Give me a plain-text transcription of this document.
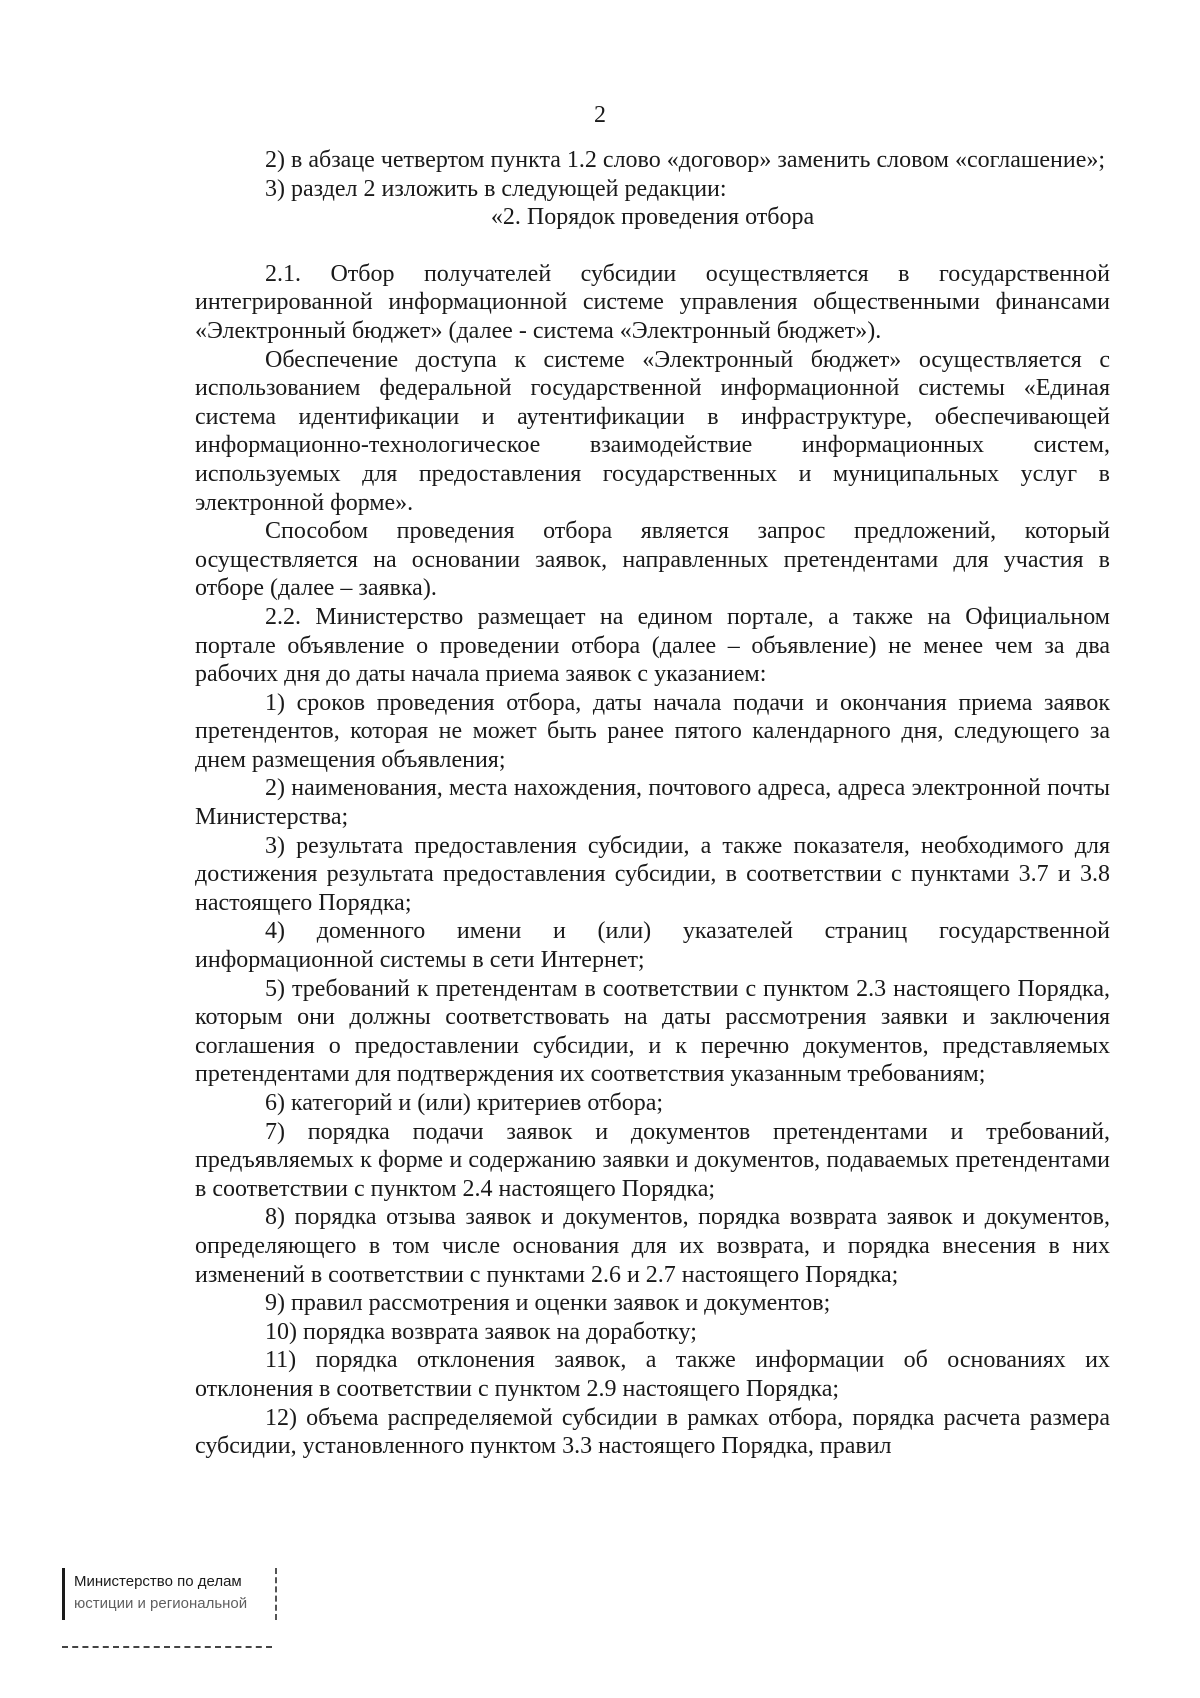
2

2) в абзаце четвертом пункта 1.2 слово «договор» заменить словом «соглашение»;

3) раздел 2 изложить в следующей редакции:

«2. Порядок проведения отбора

2.1. Отбор получателей субсидии осуществляется в государственной интегрированной информационной системе управления общественными финансами «Электронный бюджет» (далее - система «Электронный бюджет»).

Обеспечение доступа к системе «Электронный бюджет» осуществляется с использованием федеральной государственной информационной системы «Единая система идентификации и аутентификации в инфраструктуре, обеспечивающей информационно-технологическое взаимодействие информационных систем, используемых для предоставления государственных и муниципальных услуг в электронной форме».

Способом проведения отбора является запрос предложений, который осуществляется на основании заявок, направленных претендентами для участия в отборе (далее – заявка).

2.2. Министерство размещает на едином портале, а также на Официальном портале объявление о проведении отбора (далее – объявление) не менее чем за два рабочих дня до даты начала приема заявок с указанием:

1) сроков проведения отбора, даты начала подачи и окончания приема заявок претендентов, которая не может быть ранее пятого календарного дня, следующего за днем размещения объявления;

2) наименования, места нахождения, почтового адреса, адреса электронной почты Министерства;

3) результата предоставления субсидии, а также показателя, необходимого для достижения результата предоставления субсидии, в соответствии с пунктами 3.7 и 3.8 настоящего Порядка;

4) доменного имени и (или) указателей страниц государственной информационной системы в сети Интернет;

5) требований к претендентам в соответствии с пунктом 2.3 настоящего Порядка, которым они должны соответствовать на даты рассмотрения заявки и заключения соглашения о предоставлении субсидии, и к перечню документов, представляемых претендентами для подтверждения их соответствия указанным требованиям;

6) категорий и (или) критериев отбора;

7) порядка подачи заявок и документов претендентами и требований, предъявляемых к форме и содержанию заявки и документов, подаваемых претендентами в соответствии с пунктом 2.4 настоящего Порядка;

8) порядка отзыва заявок и документов, порядка возврата заявок и документов, определяющего в том числе основания для их возврата, и порядка внесения в них изменений в соответствии с пунктами 2.6 и 2.7 настоящего Порядка;

9) правил рассмотрения и оценки заявок и документов;

10) порядка возврата заявок на доработку;

11) порядка отклонения заявок, а также информации об основаниях их отклонения в соответствии с пунктом 2.9 настоящего Порядка;

12) объема распределяемой субсидии в рамках отбора, порядка расчета размера субсидии, установленного пунктом 3.3 настоящего Порядка, правил

Министерство по делам
юстиции и региональной
